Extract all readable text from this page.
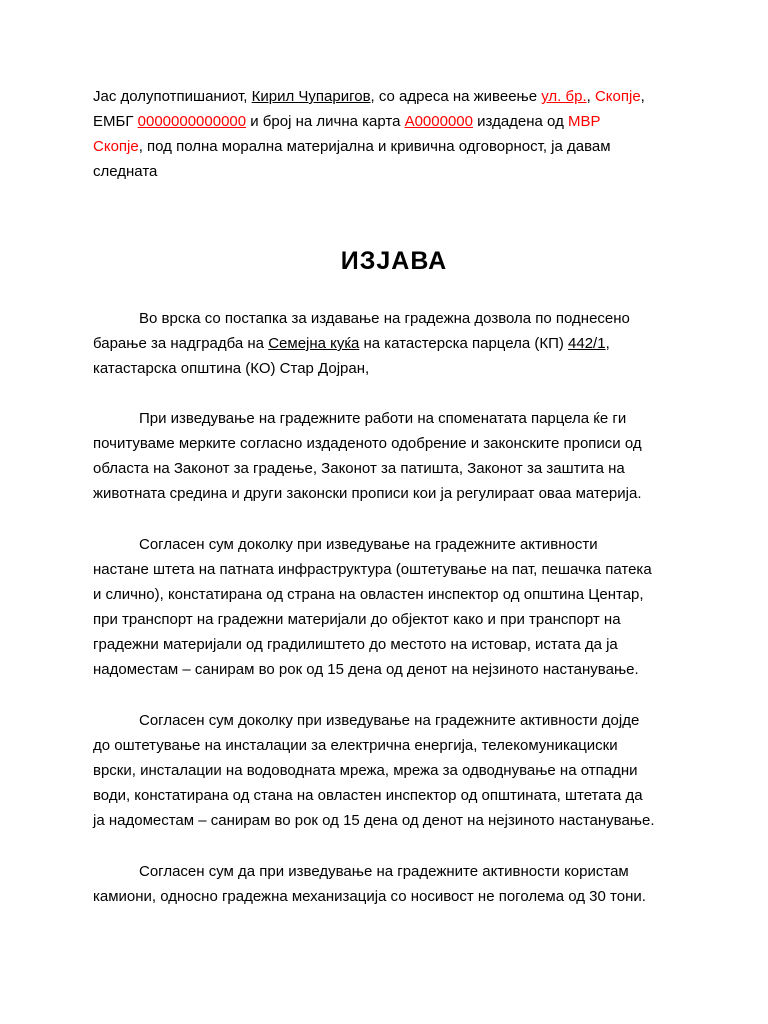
Јас долупотпишаниот, Кирил Чупаригов, со адреса на живеење ул. бр., Скопје,
ЕМБГ 0000000000000 и број на лична карта А0000000 издадена од МВР
Скопје, под полна морална материјална и кривична одговорност, ја давам
следната

ИЗЈАВА

Во врска со постапка за издавање на градежна дозвола по поднесено
барање за надградба на Семејна куќа на катастерска парцела (КП) 442/1,
катастарска општина (КО) Стар Дојран,

При изведување на градежните работи на споменатата парцела ќе ги
почитуваме мерките согласно издаденото одобрение и законските прописи од
областа на Законот за градење, Законот за патишта, Законот за заштита на
животната средина и други законски прописи кои ја регулираат оваа материја.

Согласен сум доколку при изведување на градежните активности
настане штета на патната инфраструктура (оштетување на пат, пешачка патека
и слично), констатирана од страна на овластен инспектор од општина Центар,
при транспорт на градежни материјали до објектот како и при транспорт на
градежни материјали од градилиштето до местото на истовар, истата да ја
надоместам – санирам во рок од 15 дена од денот на нејзиното настанување.

Согласен сум доколку при изведување на градежните активности дојде
до оштетување на инсталации за електрична енергија, телекомуникациски
врски, инсталации на водоводната мрежа, мрежа за одводнување на отпадни
води, констатирана од стана на овластен инспектор од општината, штетата да
ја надоместам – санирам во рок од 15 дена од денот на нејзиното настанување.

Согласен сум да при изведување на градежните активности користам
камиони, односно градежна механизација со носивост не поголема од 30 тони.
